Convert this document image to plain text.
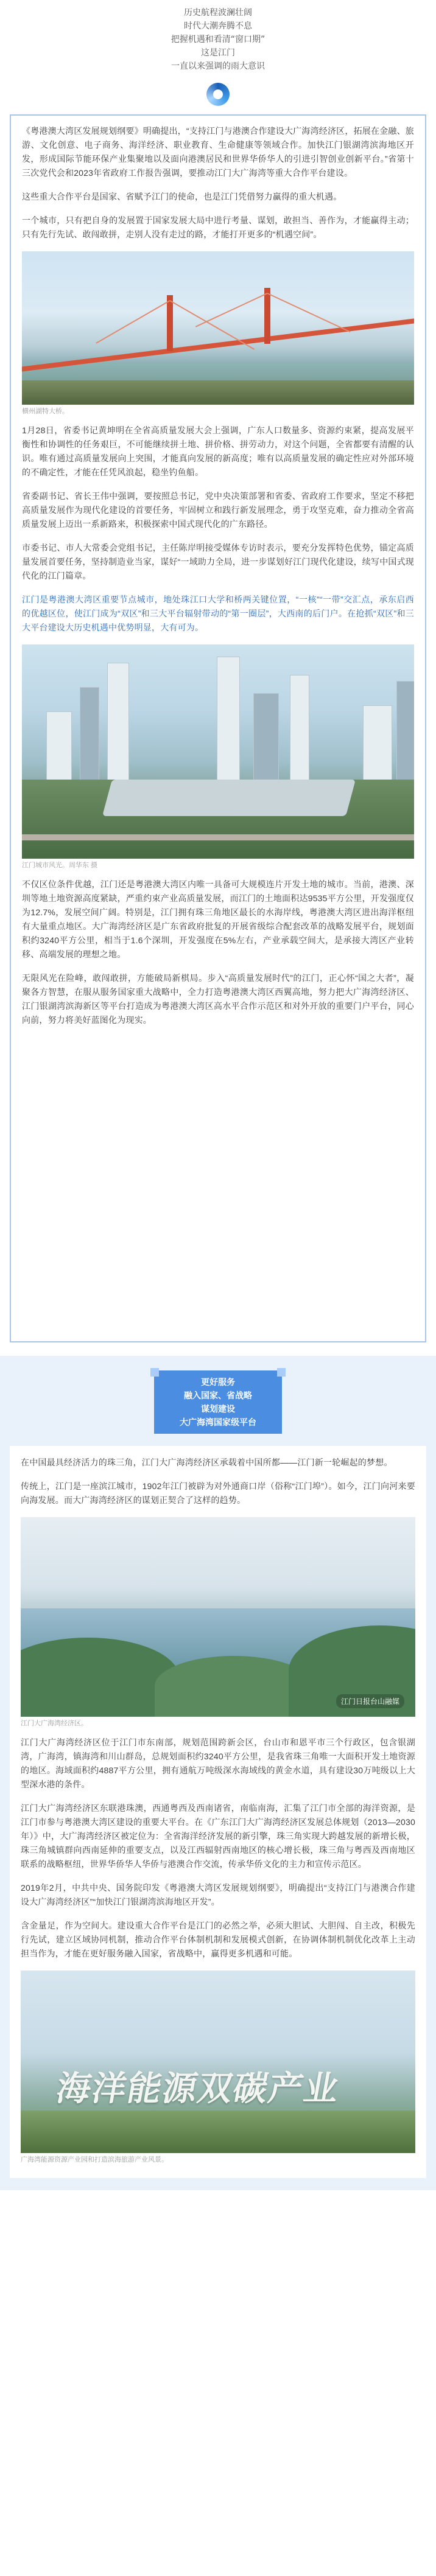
历史航程波澜壮阔
时代大潮奔腾不息
把握机遇和看清“窗口期”
这是江门
一直以来强调的雨大意识

《粤港澳大湾区发展规划纲要》明确提出，“支持江门与港澳合作建设大广海湾经济区，拓展在金融、旅游、文化创意、电子商务、海洋经济、职业教育、生命健康等领域合作。加快江门银湖湾滨海地区开发，形成国际节能环保产业集聚地以及面向港澳居民和世界华侨华人的引进引智创业创新平台。”省第十三次党代会和2023年省政府工作报告强调，要推动江门大广海湾等重大合作平台建设。

这些重大合作平台是国家、省赋予江门的使命，也是江门凭借努力赢得的重大机遇。

一个城市，只有把自身的发展置于国家发展大局中进行考量、谋划，敢担当、善作为，才能赢得主动；只有先行先试、敢闯敢拼，走别人没有走过的路，才能打开更多的“机遇空间”。

横州湖特大桥。

1月28日，省委书记黄坤明在全省高质量发展大会上强调，广东人口数量多、资源约束紧，提高发展平衡性和协调性的任务艰巨，不可能继续拼土地、拼价格、拼劳动力，对这个问题，全省都要有清醒的认识。唯有通过高质量发展向上突围，才能真向发展的新高度；唯有以高质量发展的确定性应对外部环境的不确定性，才能在任凭风浪起，稳坐钓鱼船。

省委副书记、省长王伟中强调，要按照总书记，党中央决策部署和省委、省政府工作要求，坚定不移把高质量发展作为现代化建设的首要任务，牢固树立和践行新发展理念，勇于攻坚克难，奋力推动全省高质量发展上迈出一系新路来，积极探索中国式现代化的广东路径。

市委书记、市人大常委会党组书记，主任陈岸明接受媒体专访时表示，要充分发挥特色优势，锚定高质量发展首要任务，坚持制造业当家，谋好“一域助力全局，进一步谋划好江门现代化建设，续写中国式现代化的江门篇章。

江门是粤港澳大湾区重要节点城市，地处珠江口大学和桥两关键位置，“一核”“一带”交汇点，承东启西的优越区位，使江门成为“双区”和三大平台辐射带动的“第一圈层”，大西南的后门户。在抢抓“双区”和三大平台建设大历史机遇中优势明显，大有可为。

江门城市风光。周华东 摄

不仅区位条件优越，江门还是粤港澳大湾区内唯一具备可大规模连片开发土地的城市。当前，港澳、深圳等地土地资源高度紧缺，严重约束产业高质量发展，而江门的土地面积达9535平方公里，开发强度仅为12.7%，发展空间广阔。特别是，江门拥有珠三角地区最长的水海岸线，粤港澳大湾区进出海洋枢纽有大量重点地区。大广海湾经济区是广东省政府批复的开展省级综合配套改革的战略发展平台，规划面积约3240平方公里，相当于1.6个深圳，开发强度在5%左右，产业承载空间大，是承接大湾区产业转移、高端发展的理想之地。

无限风光在险峰，敢闯敢拼，方能破局新棋局。步入“高质量发展时代”的江门，正心怀“国之大者”，凝聚各方智慧，在服从服务国家重大战略中，全力打造粤港澳大湾区西翼高地，努力把大广海湾经济区、江门银湖湾滨海新区等平台打造成为粤港澳大湾区高水平合作示范区和对外开放的重要门户平台，同心向前，努力将美好蓝图化为现实。

更好服务
融入国家、省战略
谋划建设
大广海湾国家级平台

在中国最具经济活力的珠三角，江门大广海湾经济区承载着中国所都——江门新一轮崛起的梦想。

传统上，江门是一座滨江城市，1902年江门被辟为对外通商口岸（俗称“江门埠”）。如今，江门向河来要向海发展。而大广海湾经济区的谋划正契合了这样的趋势。

江门日报台山融媒
江门大广海湾经济区。

江门大广海湾经济区位于江门市东南部，规划范围跨新会区，台山市和恩平市三个行政区，包含银湖湾，广海湾，镇海湾和川山群岛，总规划面积约3240平方公里，是我省珠三角唯一大面积开发土地资源的地区。海域面积约4887平方公里，拥有通航万吨级深水海域线的黄金水道，具有建设30万吨级以上大型深水港的条件。

江门大广海湾经济区东联港珠澳，西通粤西及西南诸省，南临南海，汇集了江门市全部的海洋资源，是江门市参与粤港澳大湾区建设的重要大平台。在《广东江门大广海湾经济区发展总体规划（2013—2030年）》中，大广海湾经济区被定位为：全省海洋经济发展的新引擎，珠三角实现大跨越发展的新增长极，珠三角城镇群向西南延伸的重要支点，以及江西辐射西南地区的核心增长极，珠三角与粤西及西南地区联系的战略枢纽，世界华侨华人华侨与港澳合作交流，传承华侨文化的主力和宣传示范区。

2019年2月，中共中央、国务院印发《粤港澳大湾区发展规划纲要》，明确提出“支持江门与港澳合作建设大广海湾经济区”“加快江门银湖湾滨海地区开发”。

含金量足，作为空间大。建设重大合作平台是江门的必然之举，必须大胆试、大胆闯、自主改，积极先行先试，建立区域协同机制，推动合作平台体制机制和发展模式创新，在协调体制机制优化改革上主动担当作为，才能在更好服务融入国家，省战略中，赢得更多机遇和可能。

海洋能源双碳产业
广海湾能源资源产业园和打造滨海旅游产业风景。
